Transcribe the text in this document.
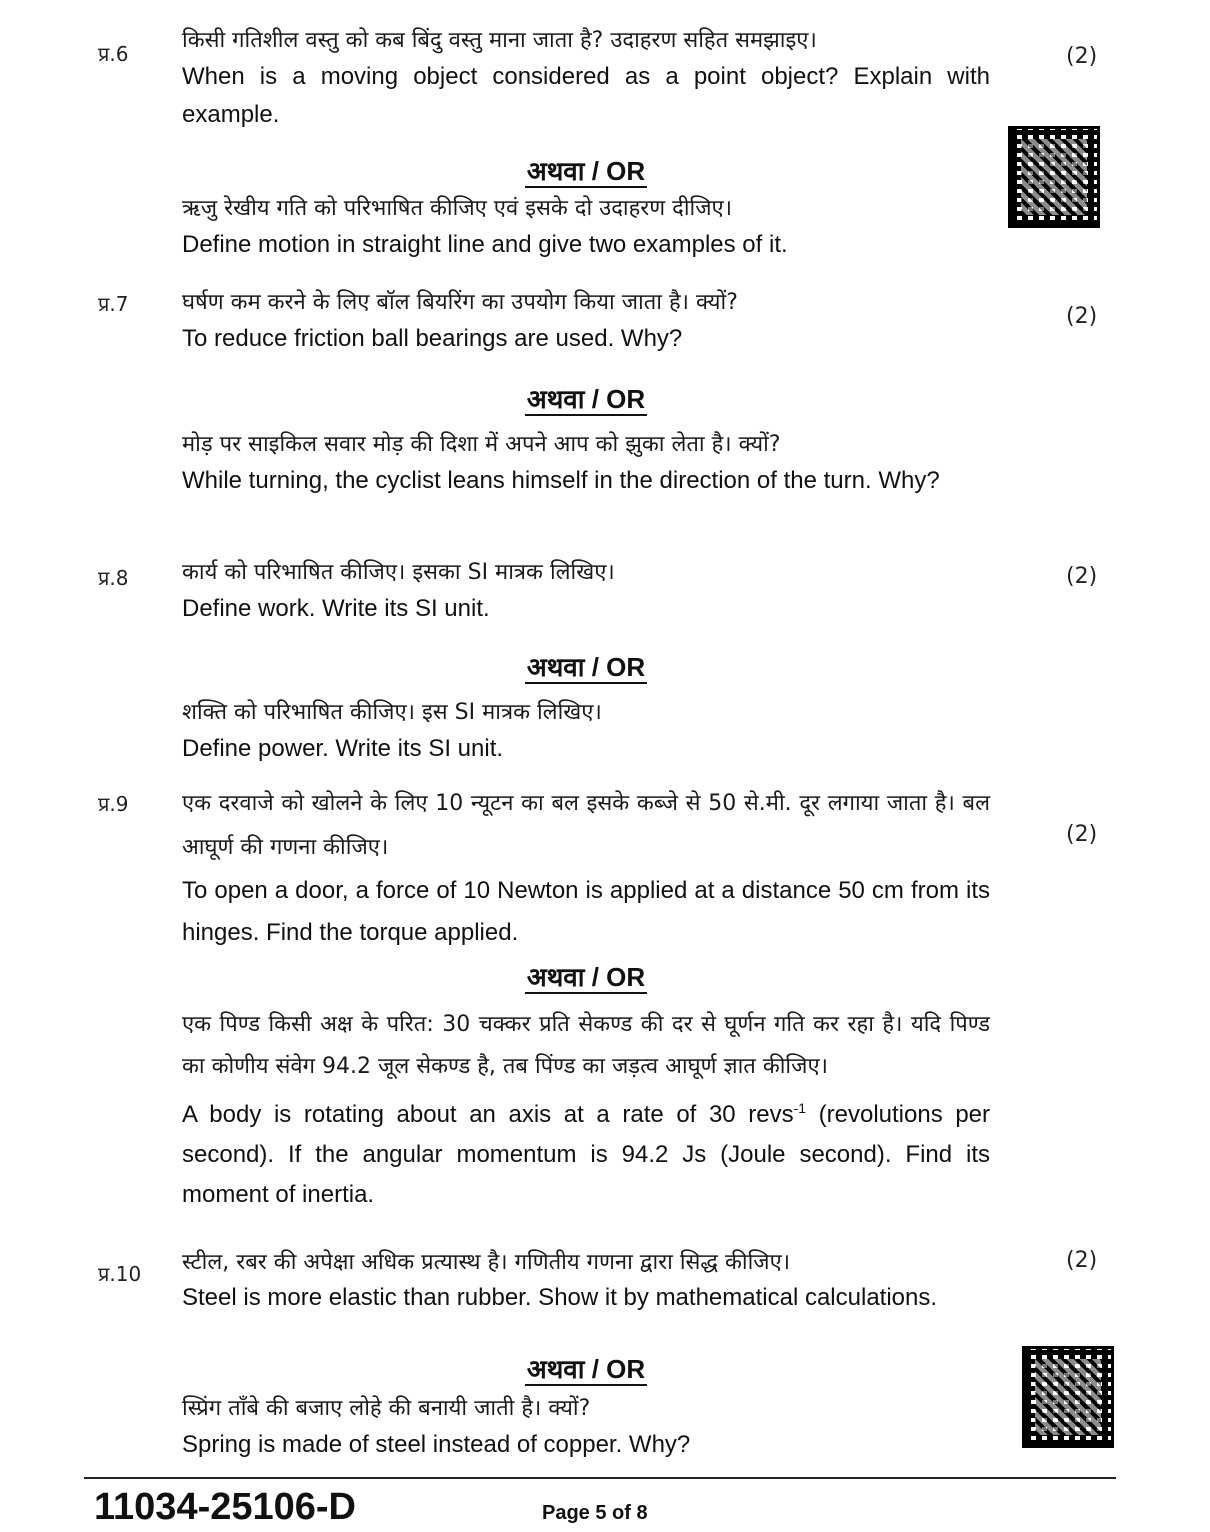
प्र.6	(2)

किसी गतिशील वस्तु को कब बिंदु वस्तु माना जाता है? उदाहरण सहित समझाइए।

When is a moving object considered as a point object? Explain with example.

अथवा / OR

ऋजु रेखीय गति को परिभाषित कीजिए एवं इसके दो उदाहरण दीजिए।

Define motion in straight line and give two examples of it.

प्र.7	(2)

घर्षण कम करने के लिए बॉल बियरिंग का उपयोग किया जाता है। क्यों?

To reduce friction ball bearings are used. Why?

अथवा / OR

मोड़ पर साइकिल सवार मोड़ की दिशा में अपने आप को झुका लेता है। क्यों?

While turning, the cyclist leans himself in the direction of the turn. Why?

प्र.8	(2)

कार्य को परिभाषित कीजिए। इसका SI मात्रक लिखिए।

Define work. Write its SI unit.

अथवा / OR

शक्ति को परिभाषित कीजिए। इस SI मात्रक लिखिए।

Define power. Write its SI unit.

प्र.9
(2)

एक दरवाजे को खोलने के लिए 10 न्यूटन का बल इसके कब्जे से 50 से.मी. दूर लगाया जाता है। बल आघूर्ण की गणना कीजिए।

To open a door, a force of 10 Newton is applied at a distance 50 cm from its hinges. Find the torque applied.

अथवा / OR

एक पिण्ड किसी अक्ष के परित: 30 चक्कर प्रति सेकण्ड की दर से घूर्णन गति कर रहा है। यदि पिण्ड का कोणीय संवेग 94.2 जूल सेकण्ड है, तब पिंण्ड का जड़त्व आघूर्ण ज्ञात कीजिए।

A body is rotating about an axis at a rate of 30 revs$^{-1}$ (revolutions per second). If the angular momentum is 94.2 Js (Joule second). Find its moment of inertia.

प्र.10
(2)

स्टील, रबर की अपेक्षा अधिक प्रत्यास्थ है। गणितीय गणना द्वारा सिद्ध कीजिए।

Steel is more elastic than rubber. Show it by mathematical calculations.

अथवा / OR

स्प्रिंग ताँबे की बजाए लोहे की बनायी जाती है। क्यों?

Spring is made of steel instead of copper. Why?

11034-25106-D	Page 5 of 8
